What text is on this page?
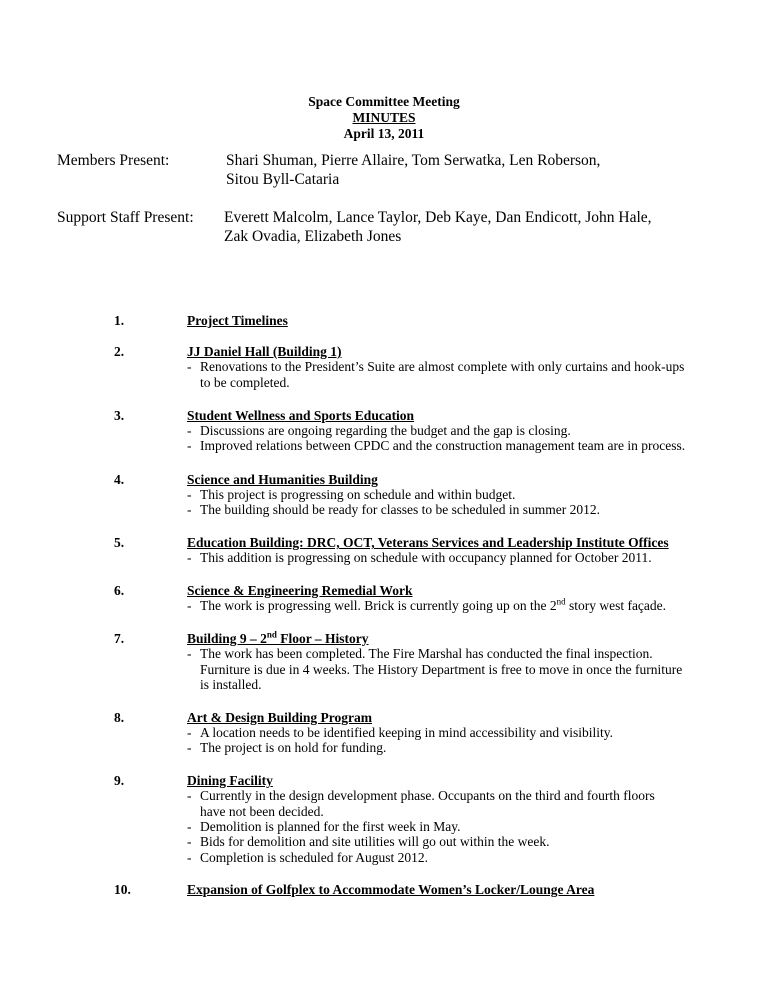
Space Committee Meeting
MINUTES
April 13, 2011
Members Present:	Shari Shuman, Pierre Allaire, Tom Serwatka, Len Roberson,
Sitou Byll-Cataria
Support Staff Present: Everett Malcolm, Lance Taylor, Deb Kaye, Dan Endicott, John Hale,
Zak Ovadia, Elizabeth Jones
1.	Project Timelines
2.	JJ Daniel Hall (Building 1)
- Renovations to the President’s Suite are almost complete with only curtains and hook-ups
to be completed.
3.	Student Wellness and Sports Education
- Discussions are ongoing regarding the budget and the gap is closing.
- Improved relations between CPDC and the construction management team are in process.
4.	Science and Humanities Building
- This project is progressing on schedule and within budget.
- The building should be ready for classes to be scheduled in summer 2012.
5.	Education Building: DRC, OCT, Veterans Services and Leadership Institute Offices
- This addition is progressing on schedule with occupancy planned for October 2011.
6.	Science & Engineering Remedial Work
- The work is progressing well. Brick is currently going up on the 2nd story west façade.
7.	Building 9 – 2nd Floor – History
- The work has been completed. The Fire Marshal has conducted the final inspection.
Furniture is due in 4 weeks. The History Department is free to move in once the furniture
is installed.
8.	Art & Design Building Program
- A location needs to be identified keeping in mind accessibility and visibility.
- The project is on hold for funding.
9.	Dining Facility
- Currently in the design development phase. Occupants on the third and fourth floors
have not been decided.
- Demolition is planned for the first week in May.
- Bids for demolition and site utilities will go out within the week.
- Completion is scheduled for August 2012.
10.	Expansion of Golfplex to Accommodate Women’s Locker/Lounge Area
